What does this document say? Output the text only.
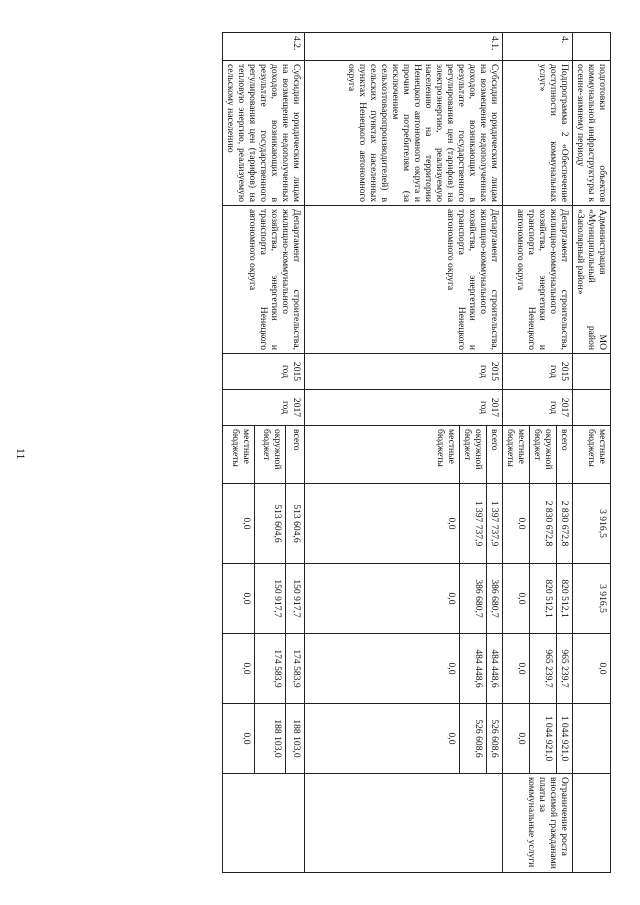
11
	подготовки объектов коммунальной инфраструктуры к осенне-зимнему периоду	Администрация МО «Муниципальный район «Заполярный район»			местные бюджеты	3 916,5	3 916,5	0,0		
4.	Подпрограмма 2 «Обеспечение доступности коммунальных услуг»	Департамент строительства, жилищно-коммунального хозяйства, энергетики и транспорта Ненецкого автономного округа	2015 год	2017 год	всего	2 830 672,8	820 512,1	965 239,7	1 044 921,0	Ограничение роста вносимой гражданами платы за коммунальные услуги
					окружной бюджет	2 830 672,8	820 512,1	965 239,7	1 044 921,0	
					местные бюджеты	0,0	0,0	0,0	0,0	
4.1.	Субсидии юридическим лицам на возмещение недополученных доходов, возникающих в результате государственного регулирования цен (тарифов) на электроэнергию, реализуемую населению на территории Ненецкого автономного округа и прочим потребителям (за исключением сельхозтоваропроизводителей) в сельских пунктах населенных пунктах Ненецкого автономного округа	Департамент строительства, жилищно-коммунального хозяйства, энергетики и транспорта Ненецкого автономного округа	2015 год	2017 год	всего	1 397 737,9	386 680,7	484 448,6	526 608,6	
					окружной бюджет	1 397 737,9	386 680,7	484 448,6	526 608,6	
					местные бюджеты	0,0	0,0	0,0	0,0	
4.2.	Субсидии юридическим лицам на возмещение недополученных доходов, возникающих в результате государственного регулирования цен (тарифов) на тепловую энергию, реализуемую сельскому населению	Департамент строительства, жилищно-коммунального хозяйства, энергетики и транспорта Ненецкого автономного округа	2015 год	2017 год	всего	513 604,6	150 917,7	174 583,9	188 103,0	
					окружной бюджет	513 604,6	150 917,7	174 583,9	188 103,0	
					местные бюджеты	0,0	0,0	0,0	0,0	
